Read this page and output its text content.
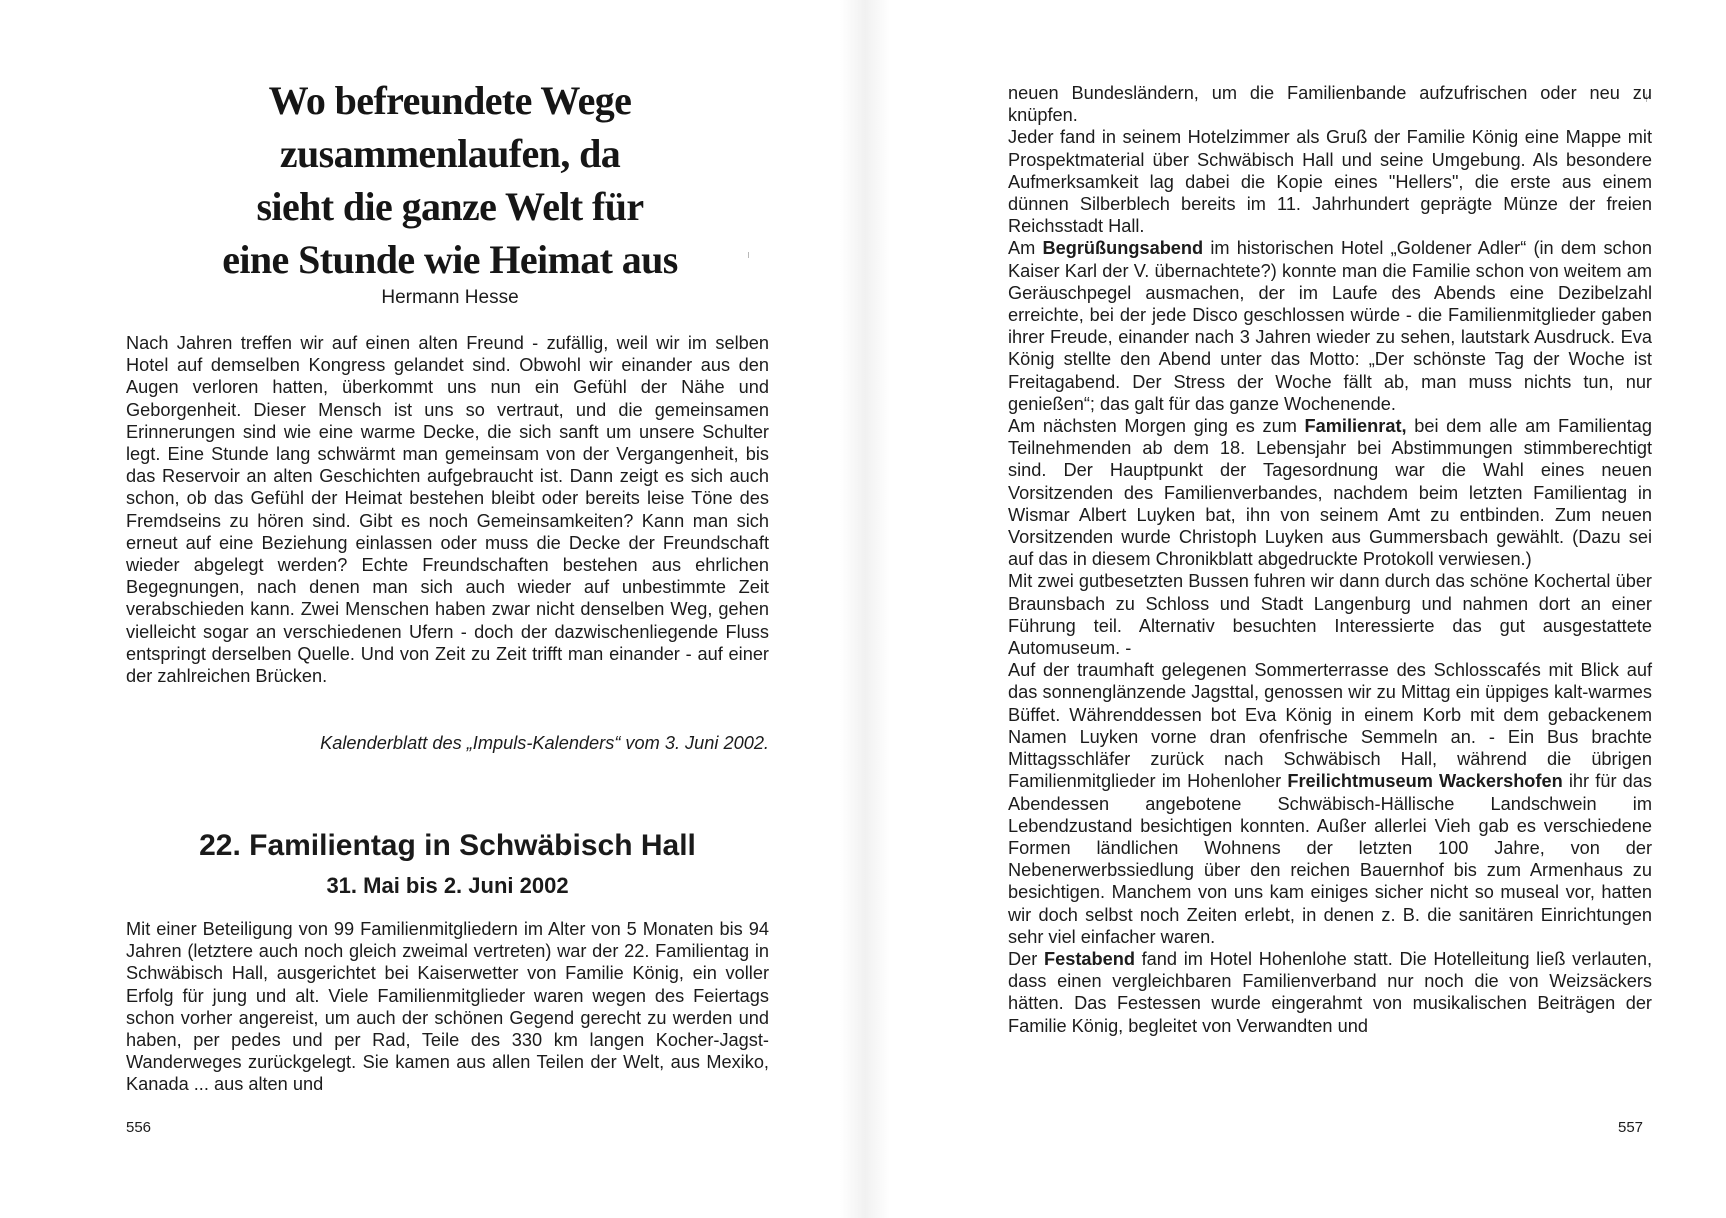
Wo befreundete Wege
zusammenlaufen, da
sieht die ganze Welt für
eine Stunde wie Heimat aus
Hermann Hesse

Nach Jahren treffen wir auf einen alten Freund - zufällig, weil wir im selben Hotel auf demselben Kongress gelandet sind. Obwohl wir einander aus den Augen verloren hatten, überkommt uns nun ein Gefühl der Nähe und Geborgenheit. Dieser Mensch ist uns so vertraut, und die gemeinsamen Erinnerungen sind wie eine warme Decke, die sich sanft um unsere Schulter legt. Eine Stunde lang schwärmt man gemeinsam von der Vergangenheit, bis das Reservoir an alten Geschichten aufgebraucht ist. Dann zeigt es sich auch schon, ob das Gefühl der Heimat bestehen bleibt oder bereits leise Töne des Fremdseins zu hören sind. Gibt es noch Gemeinsamkeiten? Kann man sich erneut auf eine Beziehung einlassen oder muss die Decke der Freundschaft wieder abgelegt werden? Echte Freundschaften bestehen aus ehrlichen Begegnungen, nach denen man sich auch wieder auf unbestimmte Zeit verabschieden kann. Zwei Menschen haben zwar nicht denselben Weg, gehen vielleicht sogar an verschiedenen Ufern - doch der dazwischenliegende Fluss entspringt derselben Quelle. Und von Zeit zu Zeit trifft man einander - auf einer der zahlreichen Brücken.

Kalenderblatt des „Impuls-Kalenders“ vom 3. Juni 2002.
22. Familientag in Schwäbisch Hall
31. Mai bis 2. Juni 2002

Mit einer Beteiligung von 99 Familienmitgliedern im Alter von 5 Monaten bis 94 Jahren (letztere auch noch gleich zweimal vertreten) war der 22. Familientag in Schwäbisch Hall, ausgerichtet bei Kaiserwetter von Familie König, ein voller Erfolg für jung und alt. Viele Familienmitglieder waren wegen des Feiertags schon vorher angereist, um auch der schönen Gegend gerecht zu werden und haben, per pedes und per Rad, Teile des 330 km langen Kocher-Jagst-Wanderweges zurückgelegt. Sie kamen aus allen Teilen der Welt, aus Mexiko, Kanada ... aus alten und

556
neuen Bundesländern, um die Familienbande aufzufrischen oder neu zu knüpfen.
Jeder fand in seinem Hotelzimmer als Gruß der Familie König eine Mappe mit Prospektmaterial über Schwäbisch Hall und seine Umgebung. Als besondere Aufmerksamkeit lag dabei die Kopie eines "Hellers", die erste aus einem dünnen Silberblech bereits im 11. Jahrhundert geprägte Münze der freien Reichsstadt Hall.
Am Begrüßungsabend im historischen Hotel „Goldener Adler“ (in dem schon Kaiser Karl der V. übernachtete?) konnte man die Familie schon von weitem am Geräuschpegel ausmachen, der im Laufe des Abends eine Dezibelzahl erreichte, bei der jede Disco geschlossen würde - die Familienmitglieder gaben ihrer Freude, einander nach 3 Jahren wieder zu sehen, lautstark Ausdruck. Eva König stellte den Abend unter das Motto: „Der schönste Tag der Woche ist Freitagabend. Der Stress der Woche fällt ab, man muss nichts tun, nur genießen“; das galt für das ganze Wochenende.
Am nächsten Morgen ging es zum Familienrat, bei dem alle am Familientag Teilnehmenden ab dem 18. Lebensjahr bei Abstimmungen stimmberechtigt sind. Der Hauptpunkt der Tagesordnung war die Wahl eines neuen Vorsitzenden des Familienverbandes, nachdem beim letzten Familientag in Wismar Albert Luyken bat, ihn von seinem Amt zu entbinden. Zum neuen Vorsitzenden wurde Christoph Luyken aus Gummersbach gewählt. (Dazu sei auf das in diesem Chronikblatt abgedruckte Protokoll verwiesen.)
Mit zwei gutbesetzten Bussen fuhren wir dann durch das schöne Kochertal über Braunsbach zu Schloss und Stadt Langenburg und nahmen dort an einer Führung teil. Alternativ besuchten Interessierte das gut ausgestattete Automuseum. -
Auf der traumhaft gelegenen Sommerterrasse des Schlosscafés mit Blick auf das sonnenglänzende Jagsttal, genossen wir zu Mittag ein üppiges kalt-warmes Büffet. Währenddessen bot Eva König in einem Korb mit dem gebackenem Namen Luyken vorne dran ofenfrische Semmeln an. - Ein Bus brachte Mittagsschläfer zurück nach Schwäbisch Hall, während die übrigen Familienmitglieder im Hohenloher Freilichtmuseum Wackershofen ihr für das Abendessen angebotene Schwäbisch-Hällische Landschwein im Lebendzustand besichtigen konnten. Außer allerlei Vieh gab es verschiedene Formen ländlichen Wohnens der letzten 100 Jahre, von der Nebenerwerbssiedlung über den reichen Bauernhof bis zum Armenhaus zu besichtigen. Manchem von uns kam einiges sicher nicht so museal vor, hatten wir doch selbst noch Zeiten erlebt, in denen z. B. die sanitären Einrichtungen sehr viel einfacher waren.
Der Festabend fand im Hotel Hohenlohe statt. Die Hotelleitung ließ verlauten, dass einen vergleichbaren Familienverband nur noch die von Weizsäckers hätten. Das Festessen wurde eingerahmt von musikalischen Beiträgen der Familie König, begleitet von Verwandten und
557
